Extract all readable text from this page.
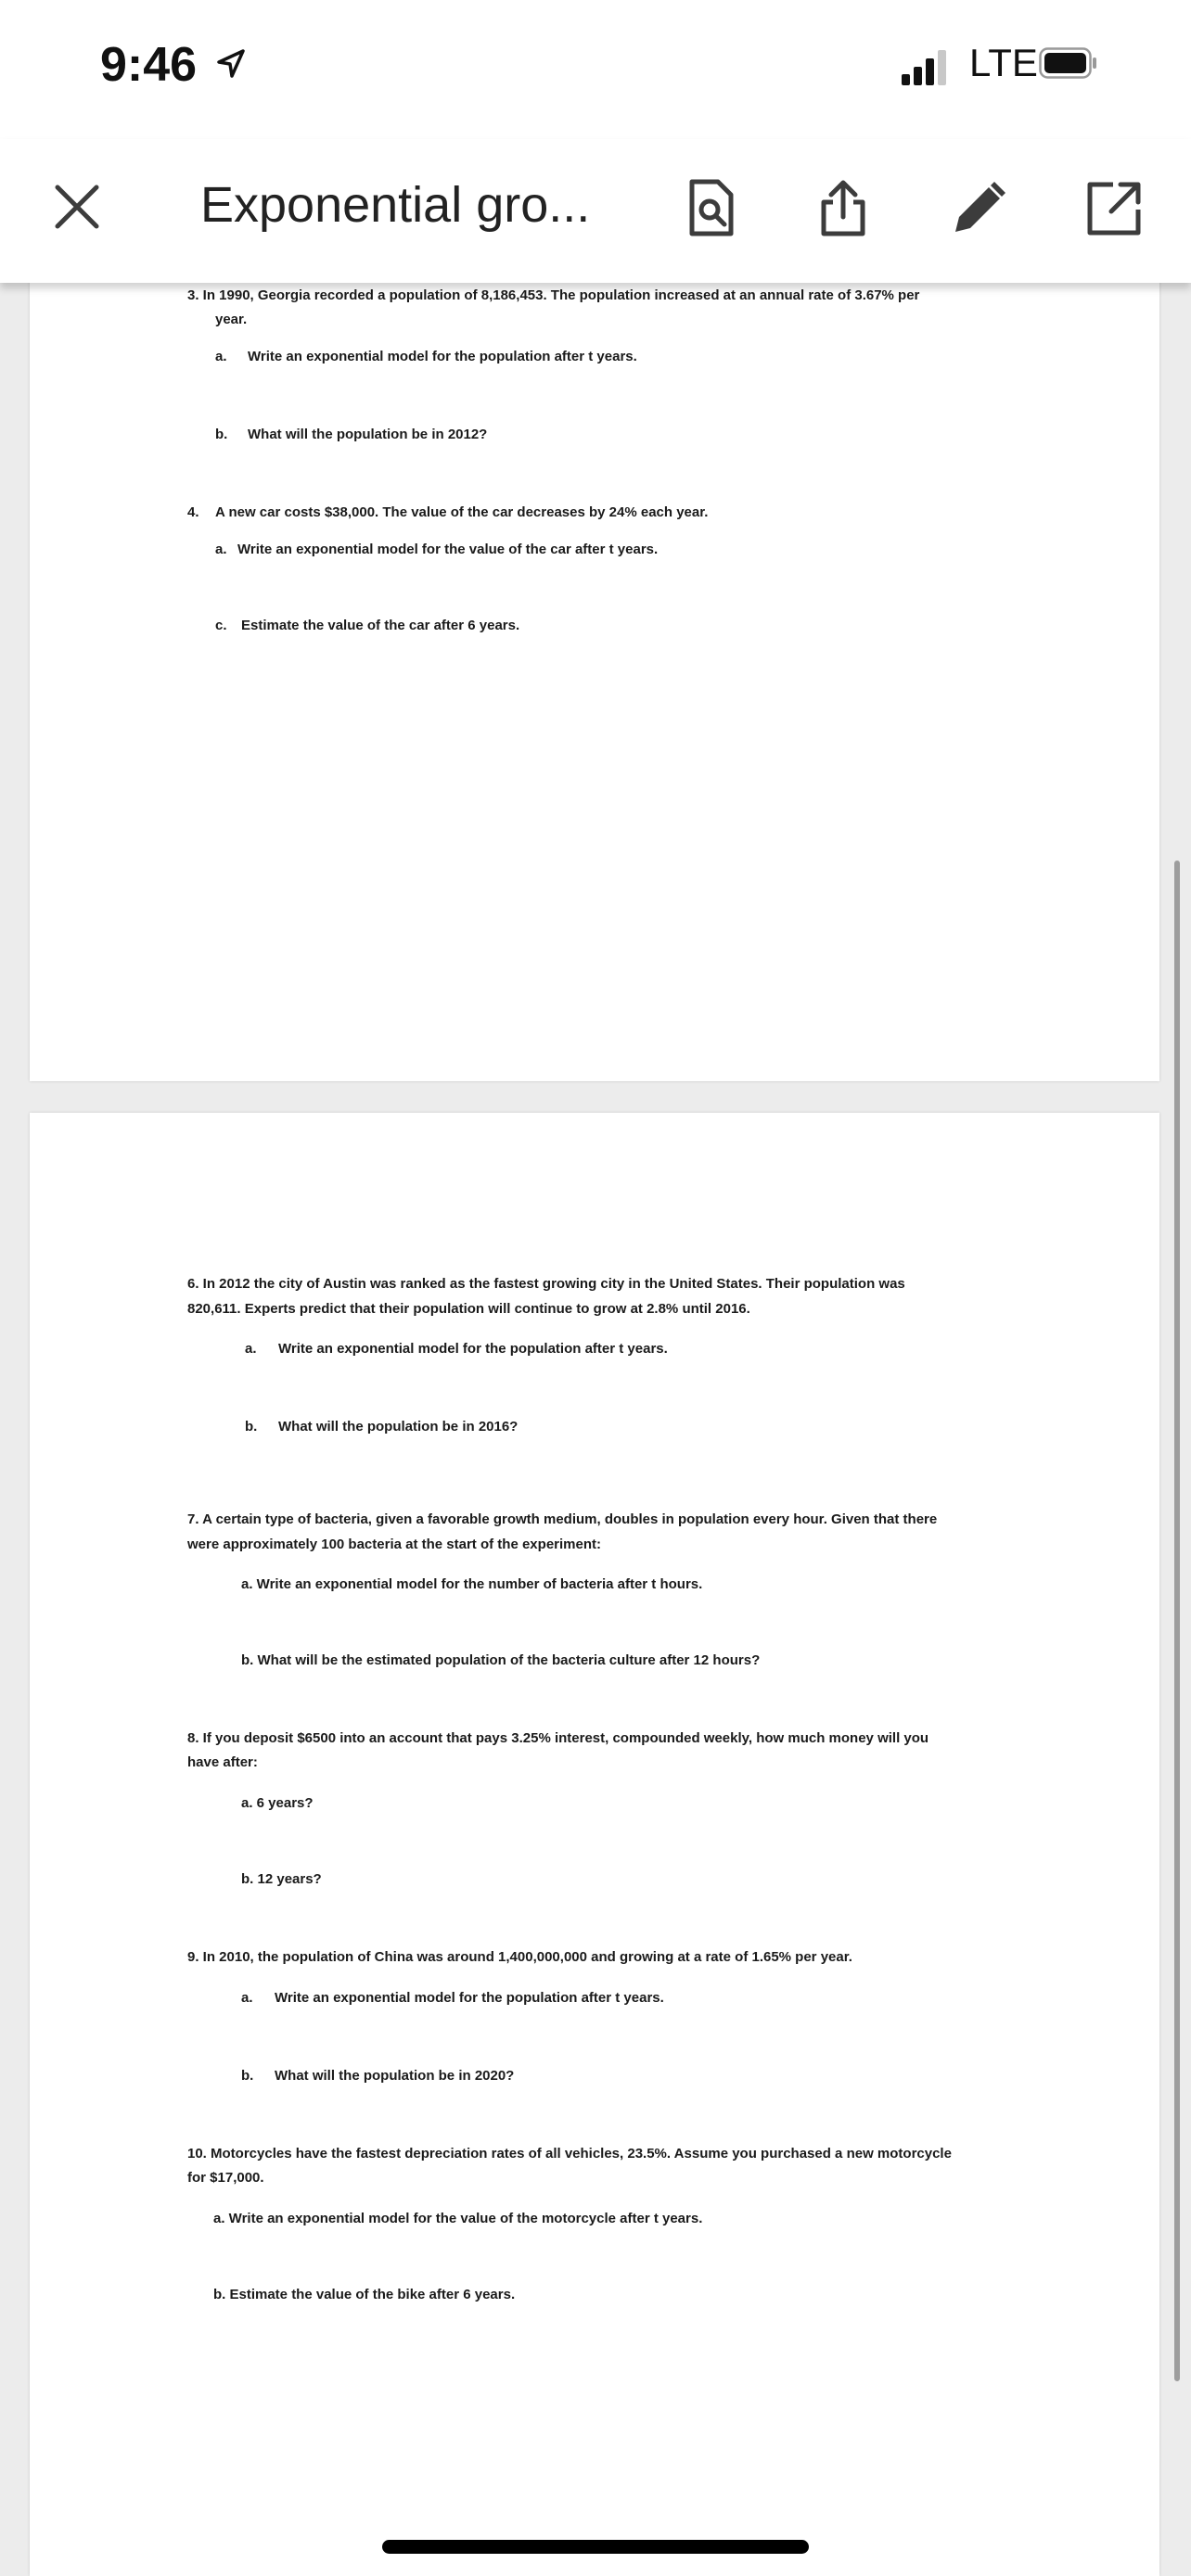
9:46	LTE
Exponential gro...
3. In 1990, Georgia recorded a population of 8,186,453. The population increased at an annual rate of 3.67% per
year.
a. Write an exponential model for the population after t years.
b. What will the population be in 2012?
4. A new car costs $38,000. The value of the car decreases by 24% each year.
a. Write an exponential model for the value of the car after t years.
c. Estimate the value of the car after 6 years.
6. In 2012 the city of Austin was ranked as the fastest growing city in the United States. Their population was
820,611. Experts predict that their population will continue to grow at 2.8% until 2016.
a. Write an exponential model for the population after t years.
b. What will the population be in 2016?
7. A certain type of bacteria, given a favorable growth medium, doubles in population every hour. Given that there
were approximately 100 bacteria at the start of the experiment:
a. Write an exponential model for the number of bacteria after t hours.
b. What will be the estimated population of the bacteria culture after 12 hours?
8. If you deposit $6500 into an account that pays 3.25% interest, compounded weekly, how much money will you
have after:
a. 6 years?
b. 12 years?
9. In 2010, the population of China was around 1,400,000,000 and growing at a rate of 1.65% per year.
a. Write an exponential model for the population after t years.
b. What will the population be in 2020?
10. Motorcycles have the fastest depreciation rates of all vehicles, 23.5%. Assume you purchased a new motorcycle
for $17,000.
a. Write an exponential model for the value of the motorcycle after t years.
b. Estimate the value of the bike after 6 years.
